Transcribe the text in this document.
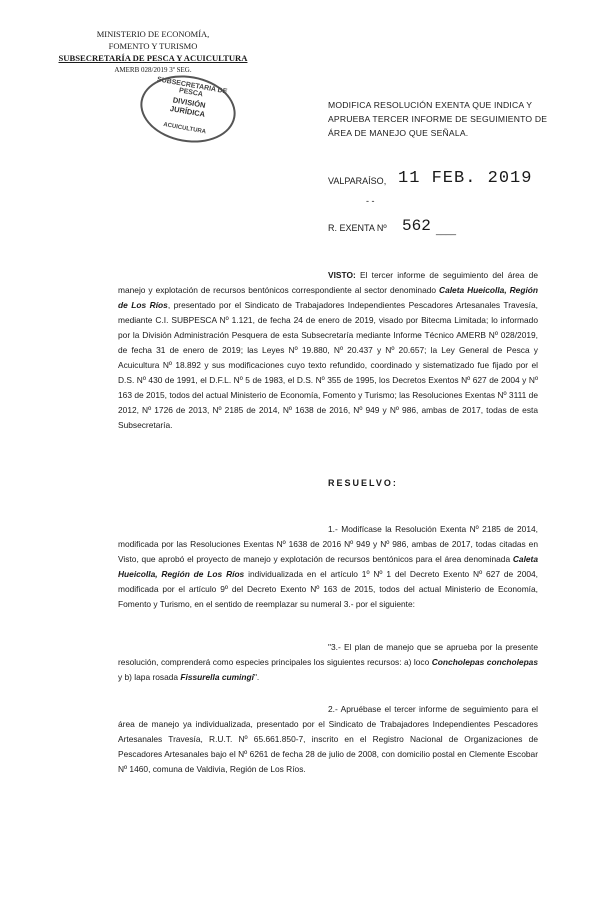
MINISTERIO DE ECONOMÍA,
FOMENTO Y TURISMO
SUBSECRETARÍA DE PESCA Y ACUICULTURA
AMERB 028/2019 3º SEG.
SUBSECRETARIA DE PESCA
DIVISIÓN JURÍDICA
ACUICULTURA
MODIFICA RESOLUCIÓN EXENTA QUE INDICA Y APRUEBA TERCER INFORME DE SEGUIMIENTO DE ÁREA DE MANEJO QUE SEÑALA.
VALPARAÍSO, 11 FEB. 2019
- -
R. EXENTA Nº 562 ____

VISTO: El tercer informe de seguimiento del área de manejo y explotación de recursos bentónicos correspondiente al sector denominado Caleta Hueicolla, Región de Los Ríos, presentado por el Sindicato de Trabajadores Independientes Pescadores Artesanales Travesía, mediante C.I. SUBPESCA Nº 1.121, de fecha 24 de enero de 2019, visado por Bitecma Limitada; lo informado por la División Administración Pesquera de esta Subsecretaría mediante Informe Técnico AMERB Nº 028/2019, de fecha 31 de enero de 2019; las Leyes Nº 19.880, Nº 20.437 y Nº 20.657; la Ley General de Pesca y Acuicultura Nº 18.892 y sus modificaciones cuyo texto refundido, coordinado y sistematizado fue fijado por el D.S. Nº 430 de 1991, el D.F.L. Nº 5 de 1983, el D.S. Nº 355 de 1995, los Decretos Exentos Nº 627 de 2004 y Nº 163 de 2015, todos del actual Ministerio de Economía, Fomento y Turismo; las Resoluciones Exentas Nº 3111 de 2012, Nº 1726 de 2013, Nº 2185 de 2014, Nº 1638 de 2016, Nº 949 y Nº 986, ambas de 2017, todas de esta Subsecretaría.

RESUELVO:

1.- Modifícase la Resolución Exenta Nº 2185 de 2014, modificada por las Resoluciones Exentas Nº 1638 de 2016 Nº 949 y Nº 986, ambas de 2017, todas citadas en Visto, que aprobó el proyecto de manejo y explotación de recursos bentónicos para el área denominada Caleta Hueicolla, Región de Los Ríos individualizada en el artículo 1º Nº 1 del Decreto Exento Nº 627 de 2004, modificada por el artículo 9º del Decreto Exento Nº 163 de 2015, todos del actual Ministerio de Economía, Fomento y Turismo, en el sentido de reemplazar su numeral 3.- por el siguiente:

"3.- El plan de manejo que se aprueba por la presente resolución, comprenderá como especies principales los siguientes recursos: a) loco Concholepas concholepas y b) lapa rosada Fissurella cumingi".

2.- Apruébase el tercer informe de seguimiento para el área de manejo ya individualizada, presentado por el Sindicato de Trabajadores Independientes Pescadores Artesanales Travesía, R.U.T. Nº 65.661.850-7, inscrito en el Registro Nacional de Organizaciones de Pescadores Artesanales bajo el Nº 6261 de fecha 28 de julio de 2008, con domicilio postal en Clemente Escobar Nº 1460, comuna de Valdivia, Región de Los Ríos.
